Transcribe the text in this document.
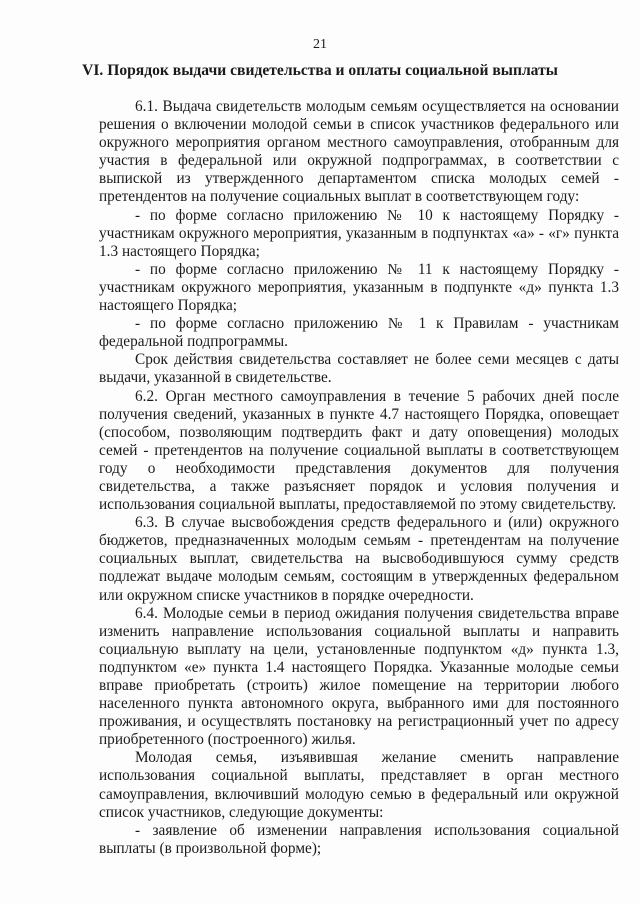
21
VI. Порядок выдачи свидетельства и оплаты социальной выплаты

6.1. Выдача свидетельств молодым семьям осуществляется на основании решения о включении молодой семьи в список участников федерального или окружного мероприятия органом местного самоуправления, отобранным для участия в федеральной или окружной подпрограммах, в соответствии с выпиской из утвержденного департаментом списка молодых семей - претендентов на получение социальных выплат в соответствующем году:

- по форме согласно приложению № 10 к настоящему Порядку - участникам окружного мероприятия, указанным в подпунктах «а» - «г» пункта 1.3 настоящего Порядка;

- по форме согласно приложению № 11 к настоящему Порядку - участникам окружного мероприятия, указанным в подпункте «д» пункта 1.3 настоящего Порядка;

- по форме согласно приложению № 1 к Правилам - участникам федеральной подпрограммы.

Срок действия свидетельства составляет не более семи месяцев с даты выдачи, указанной в свидетельстве.

6.2. Орган местного самоуправления в течение 5 рабочих дней после получения сведений, указанных в пункте 4.7 настоящего Порядка, оповещает (способом, позволяющим подтвердить факт и дату оповещения) молодых семей - претендентов на получение социальной выплаты в соответствующем году о необходимости представления документов для получения свидетельства, а также разъясняет порядок и условия получения и использования социальной выплаты, предоставляемой по этому свидетельству.

6.3. В случае высвобождения средств федерального и (или) окружного бюджетов, предназначенных молодым семьям - претендентам на получение социальных выплат, свидетельства на высвободившуюся сумму средств подлежат выдаче молодым семьям, состоящим в утвержденных федеральном или окружном списке участников в порядке очередности.

6.4. Молодые семьи в период ожидания получения свидетельства вправе изменить направление использования социальной выплаты и направить социальную выплату на цели, установленные подпунктом «д» пункта 1.3, подпунктом «е» пункта 1.4 настоящего Порядка. Указанные молодые семьи вправе приобретать (строить) жилое помещение на территории любого населенного пункта автономного округа, выбранного ими для постоянного проживания, и осуществлять постановку на регистрационный учет по адресу приобретенного (построенного) жилья.

Молодая семья, изъявившая желание сменить направление использования социальной выплаты, представляет в орган местного самоуправления, включивший молодую семью в федеральный или окружной список участников, следующие документы:

- заявление об изменении направления использования социальной выплаты (в произвольной форме);
